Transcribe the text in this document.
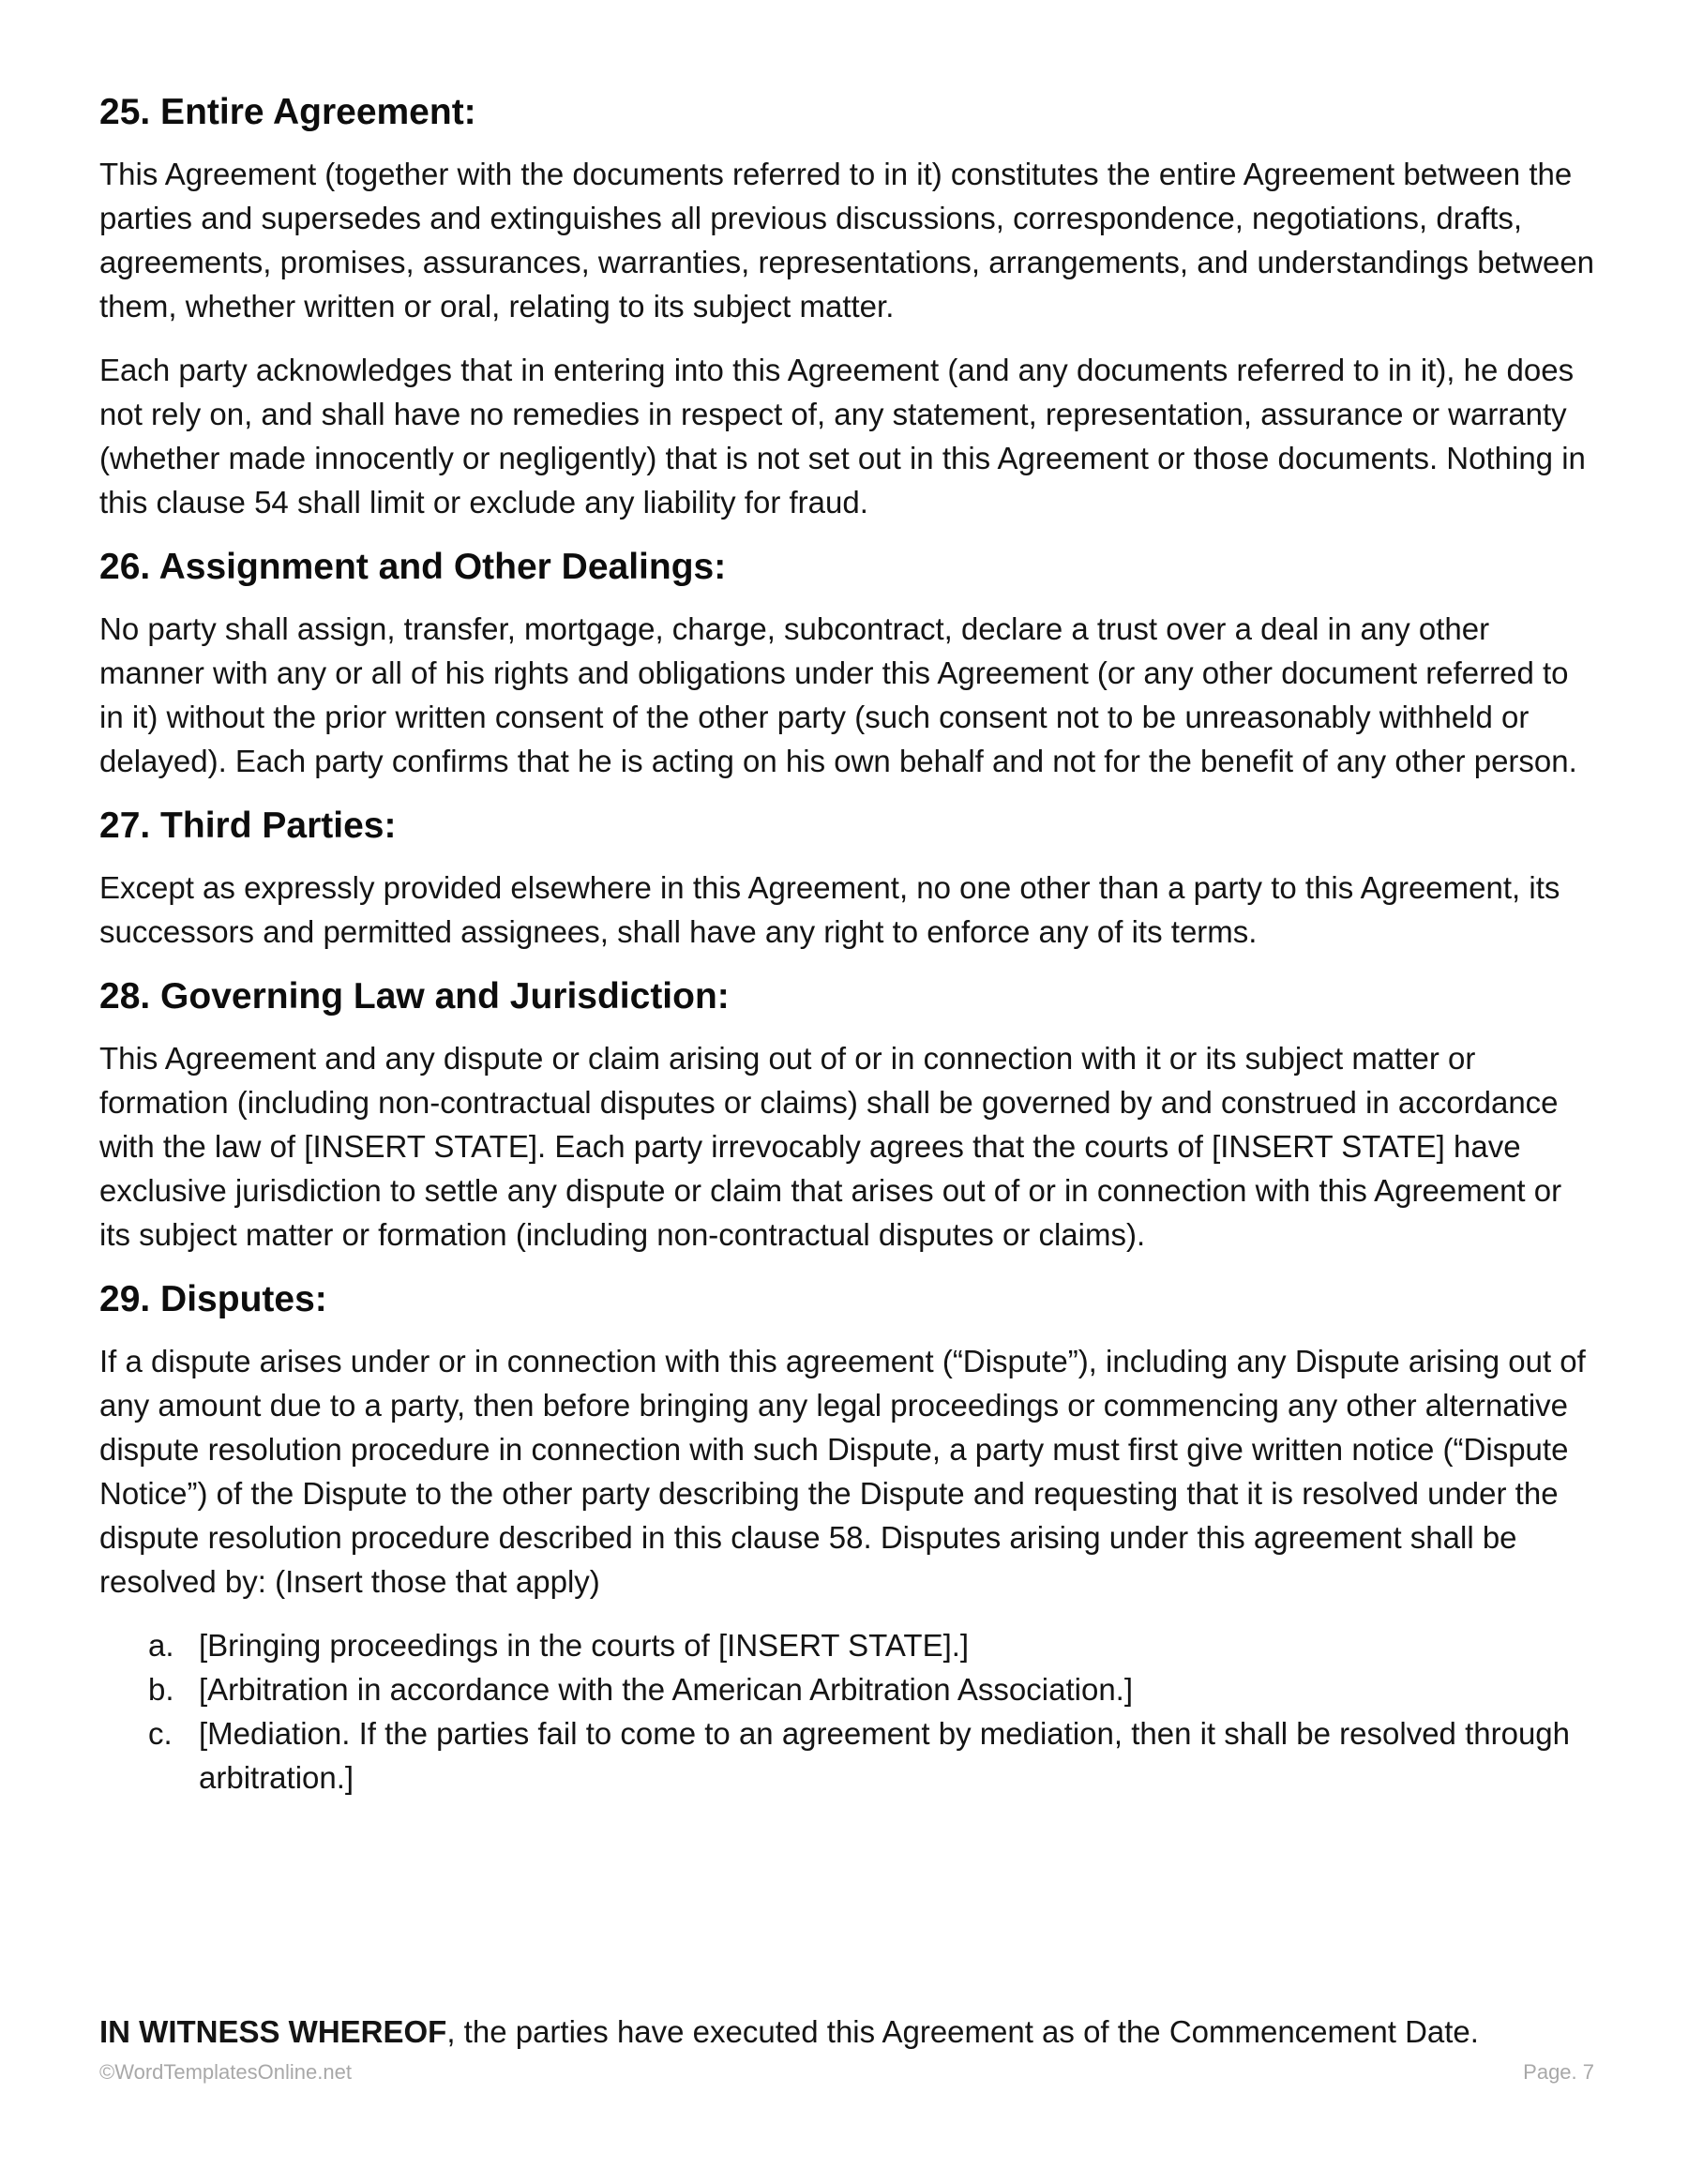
25. Entire Agreement:

This Agreement (together with the documents referred to in it) constitutes the entire Agreement between the parties and supersedes and extinguishes all previous discussions, correspondence, negotiations, drafts, agreements, promises, assurances, warranties, representations, arrangements, and understandings between them, whether written or oral, relating to its subject matter.

Each party acknowledges that in entering into this Agreement (and any documents referred to in it), he does not rely on, and shall have no remedies in respect of, any statement, representation, assurance or warranty (whether made innocently or negligently) that is not set out in this Agreement or those documents. Nothing in this clause 54 shall limit or exclude any liability for fraud.

26. Assignment and Other Dealings:

No party shall assign, transfer, mortgage, charge, subcontract, declare a trust over a deal in any other manner with any or all of his rights and obligations under this Agreement (or any other document referred to in it) without the prior written consent of the other party (such consent not to be unreasonably withheld or delayed). Each party confirms that he is acting on his own behalf and not for the benefit of any other person.

27. Third Parties:

Except as expressly provided elsewhere in this Agreement, no one other than a party to this Agreement, its successors and permitted assignees, shall have any right to enforce any of its terms.

28. Governing Law and Jurisdiction:

This Agreement and any dispute or claim arising out of or in connection with it or its subject matter or formation (including non-contractual disputes or claims) shall be governed by and construed in accordance with the law of [INSERT STATE]. Each party irrevocably agrees that the courts of [INSERT STATE] have exclusive jurisdiction to settle any dispute or claim that arises out of or in connection with this Agreement or its subject matter or formation (including non-contractual disputes or claims).

29. Disputes:

If a dispute arises under or in connection with this agreement (“Dispute”), including any Dispute arising out of any amount due to a party, then before bringing any legal proceedings or commencing any other alternative dispute resolution procedure in connection with such Dispute, a party must first give written notice (“Dispute Notice”) of the Dispute to the other party describing the Dispute and requesting that it is resolved under the dispute resolution procedure described in this clause 58. Disputes arising under this agreement shall be resolved by: (Insert those that apply)

a. [Bringing proceedings in the courts of [INSERT STATE].]
b. [Arbitration in accordance with the American Arbitration Association.]
c. [Mediation. If the parties fail to come to an agreement by mediation, then it shall be resolved through arbitration.]
IN WITNESS WHEREOF, the parties have executed this Agreement as of the Commencement Date.
©WordTemplatesOnline.net	Page. 7
